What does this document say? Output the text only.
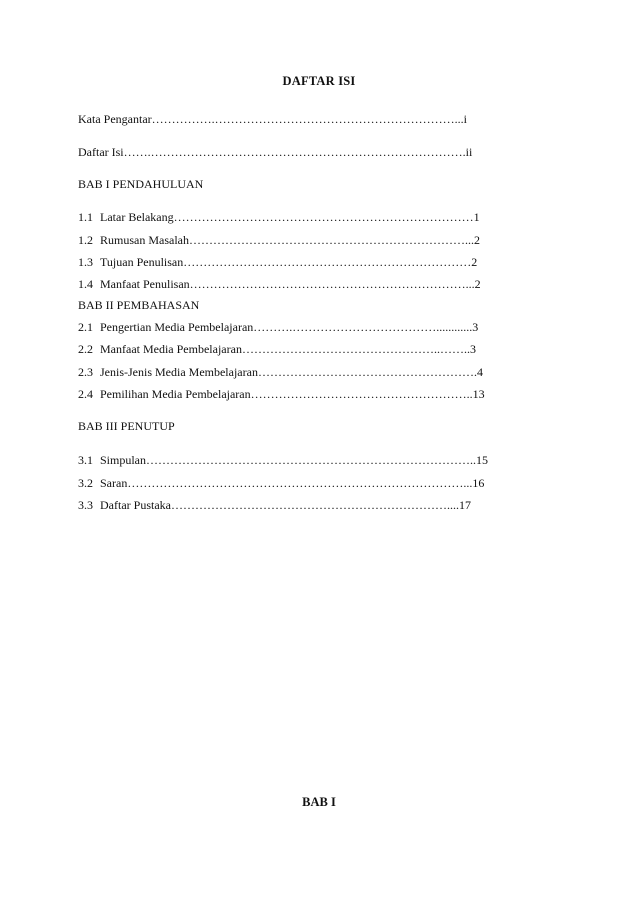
DAFTAR ISI
Kata Pengantar…………….……………………………………………………...i
Daftar Isi…….…………………………………………………………………….ii
BAB I PENDAHULUAN
1.1 Latar Belakang…………………………………………………………………1
1.2 Rumusan Masalah……………………………………………………………...2
1.3 Tujuan Penulisan………………………………………………………………2
1.4 Manfaat Penulisan……………………………………………………………...2
BAB II PEMBAHASAN
2.1 Pengertian Media Pembelajaran……….………………………………............3
2.2 Manfaat Media Pembelajaran…………………………………………..……..3
2.3 Jenis-Jenis Media Membelajaran……………………………………………….4
2.4 Pemilihan Media Pembelajaran………………………………………………..13
BAB III PENUTUP
3.1 Simpulan………………………………………………………………………..15
3.2 Saran…………………………………………………………………………...16
3.3 Daftar Pustaka……………………………………………………………....17
BAB I
